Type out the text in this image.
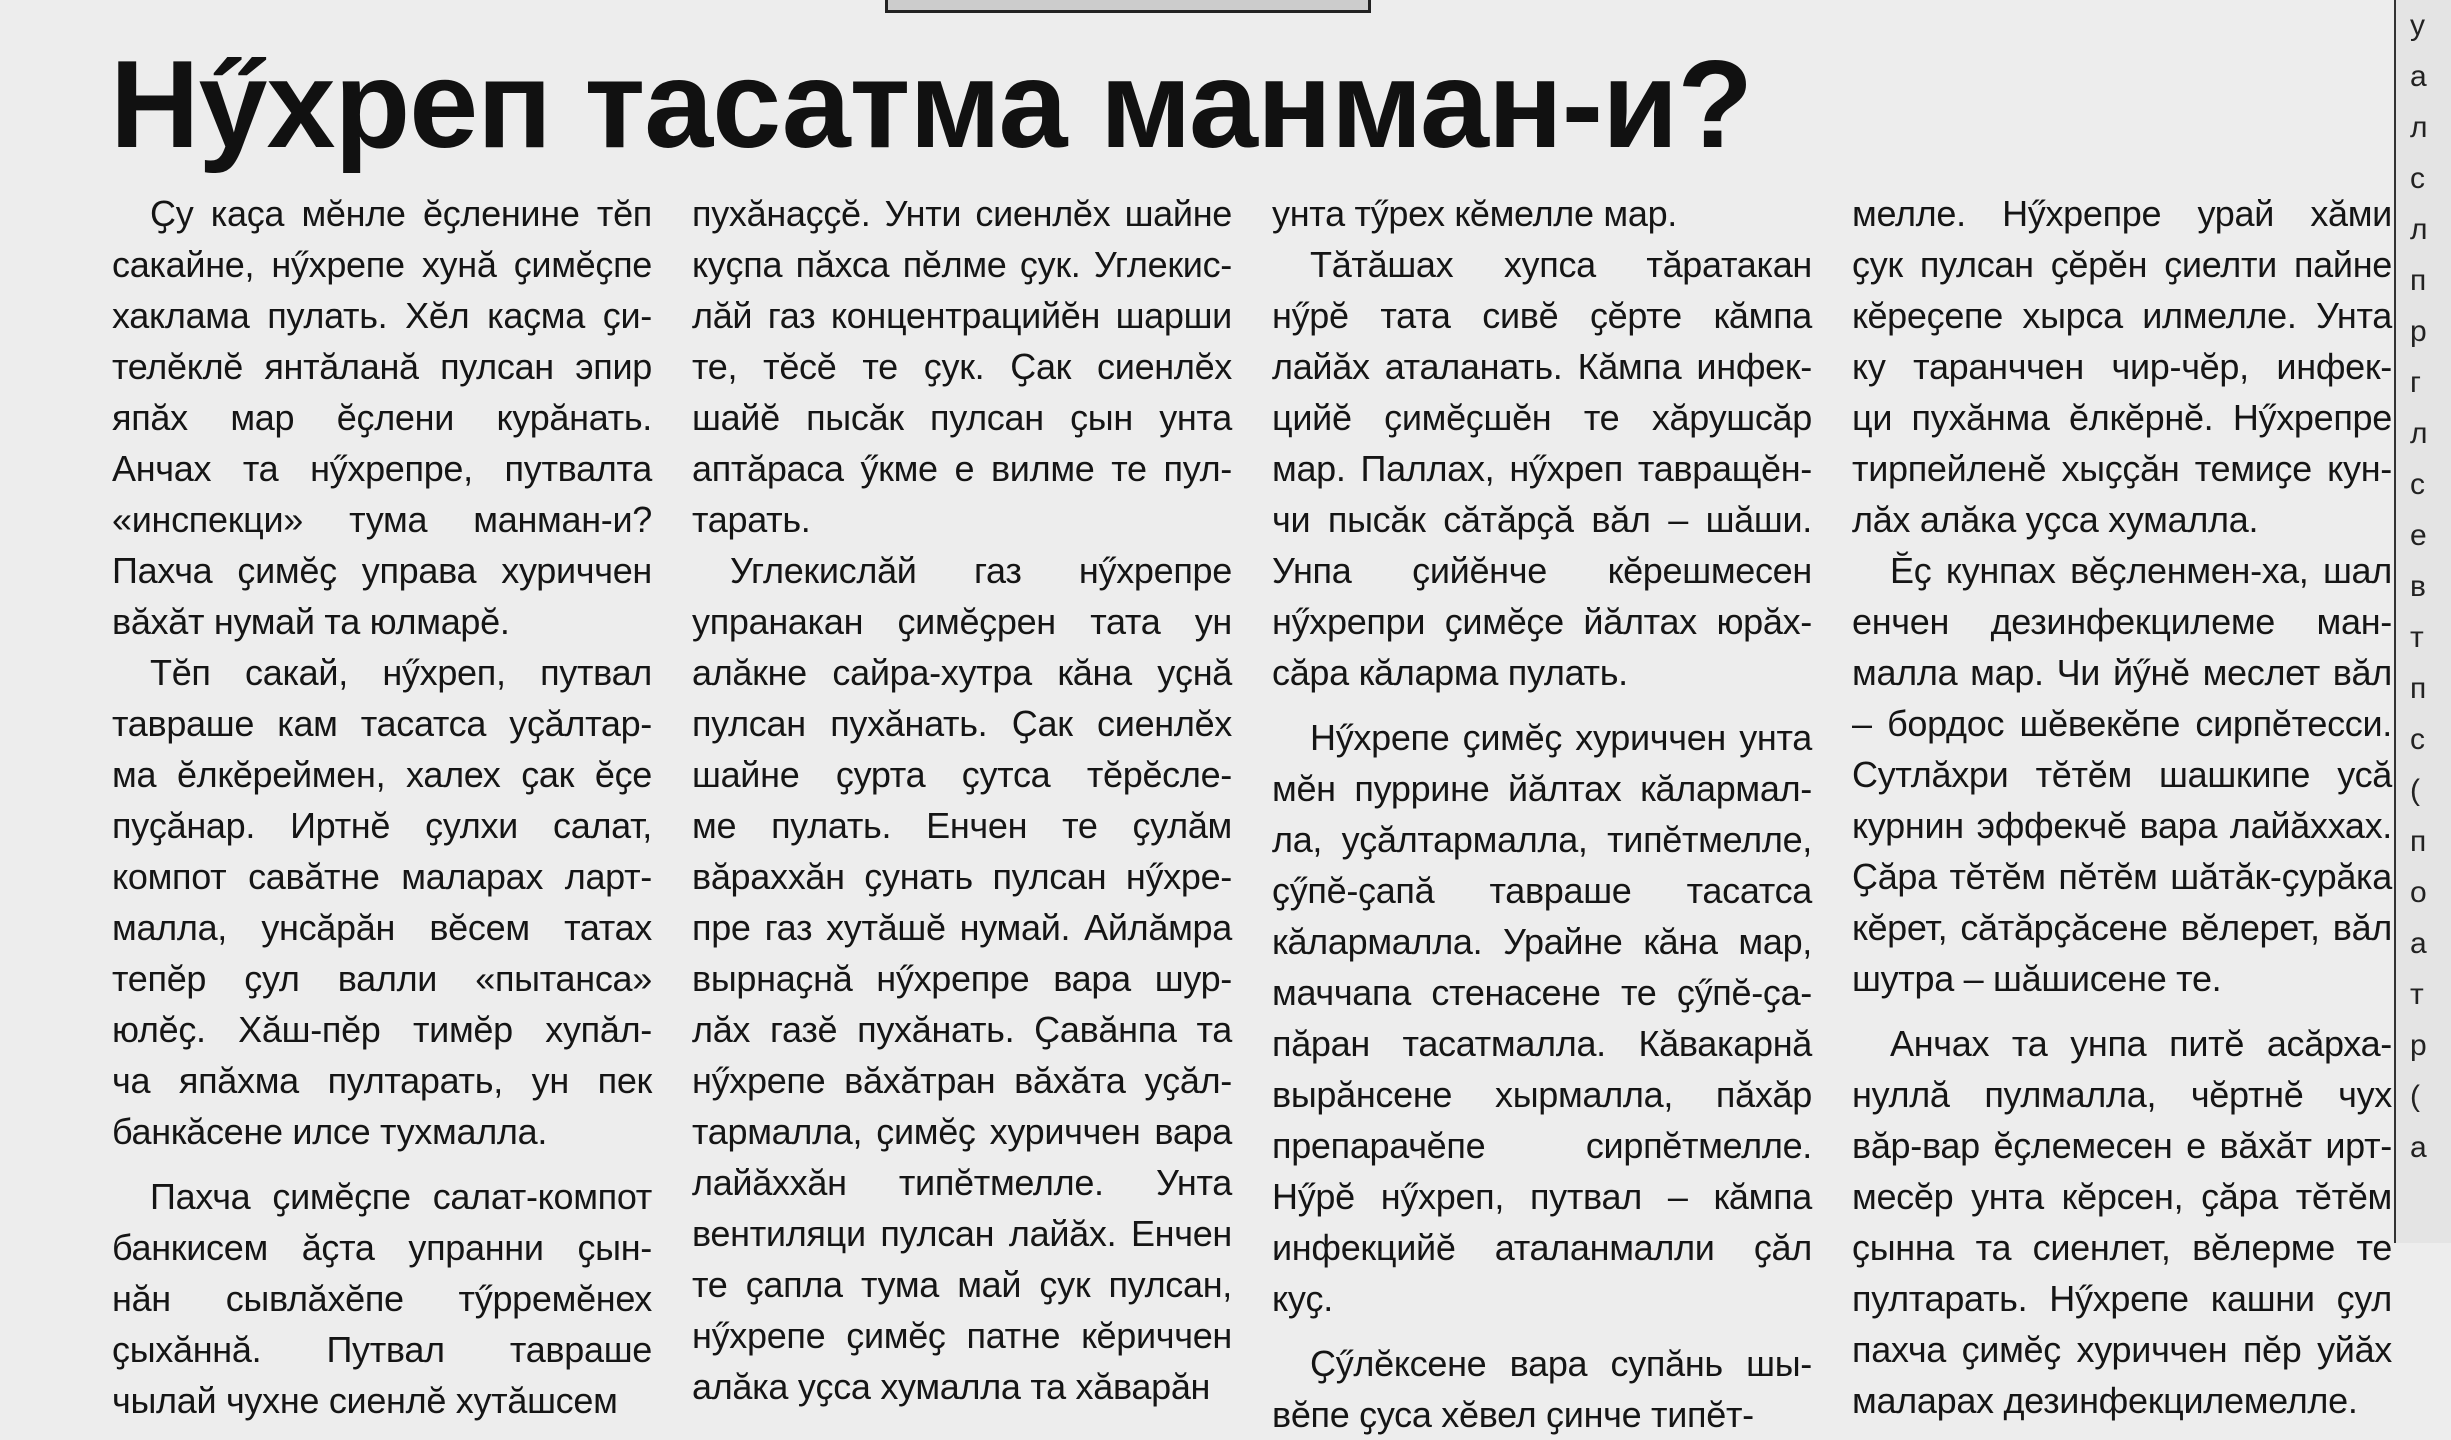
Нӳхреп тасатма манман-и?

Ҫу каҫа мĕнле ĕҫленине тĕп

сакайне, нӳхрепе хунă ҫимĕҫпе

хаклама пулать. Хĕл каҫма ҫи-

телĕклĕ янтăланă пулсан эпир

япăх мар ĕҫлени курăнать.

Анчах та нӳхрепре, путвалта

«инспекци» тума манман-и?

Пахча ҫимĕҫ управа хуриччен

вăхăт нумай та юлмарĕ.

Тĕп сакай, нӳхреп, путвал

тавраше кам тасатса уҫăлтар-

ма ĕлкĕреймен, халех ҫак ĕҫе

пуҫăнар. Иртнĕ ҫулхи салат,

компот савăтне маларах ларт-

малла, унсăрăн вĕсем татах

тепĕр ҫул валли «пытанса»

юлĕҫ. Хăш-пĕр тимĕр хупăл-

ча япăхма пултарать, ун пек

банкăсене илсе тухмалла.

Пахча ҫимĕҫпе салат-компот

банкисем ăҫта упранни ҫын-

нăн сывлăхĕпе тӳрремĕнех

ҫыхăннă. Путвал тавраше

чылай чухне сиенлĕ хутăшсем

пухăнаҫҫĕ. Унти сиенлĕх шайне

куҫпа пăхса пĕлме ҫук. Углекис-

лăй газ концентрацийĕн шарши

те, тĕсĕ те ҫук. Ҫак сиенлĕх

шайĕ пысăк пулсан ҫын унта

аптăраса ӳкме е вилме те пул-

тарать.

Углекислăй газ нӳхрепре

упранакан ҫимĕҫрен тата ун

алăкне сайра-хутра кăна уҫнă

пулсан пухăнать. Ҫак сиенлĕх

шайне ҫурта ҫутса тĕрĕсле-

ме пулать. Енчен те ҫулăм

вăраххăн ҫунать пулсан нӳхре-

пре газ хутăшĕ нумай. Айлăмра

вырнаҫнă нӳхрепре вара шур-

лăх газĕ пухăнать. Ҫавăнпа та

нӳхрепе вăхăтран вăхăта уҫăл-

тармалла, ҫимĕҫ хуриччен вара

лайăххăн типĕтмелле. Унта

вентиляци пулсан лайăх. Енчен

те ҫапла тума май ҫук пулсан,

нӳхрепе ҫимĕҫ патне кĕриччен

алăка уҫса хумалла та хăварăн

унта тӳрех кĕмелле мар.

Тăтăшах хупса тăратакан

нӳрĕ тата сивĕ ҫĕрте кăмпа

лайăх аталанать. Кăмпа инфек-

цийĕ ҫимĕҫшĕн те хăрушсăр

мар. Паллах, нӳхреп тавращĕн-

чи пысăк сăтăрҫă вăл – шăши.

Унпа ҫийĕнче кĕрешмесен

нӳхрепри ҫимĕҫе йăлтах юрăх-

сăра кăлармa пулать.

Нӳхрепе ҫимĕҫ хуриччен унта

мĕн пуррине йăлтах кăлармал-

ла, уҫăлтармалла, типĕтмелле,

ҫӳпĕ-ҫапă тавраше тасатса

кăлармалла. Урайне кăна мар,

маччапа стенасене те ҫӳпĕ-ҫа-

пăран тасатмалла. Кăвакарнă

вырăнсене хырмалла, пăхăр

препарачĕпе сирпĕтмелле.

Нӳрĕ нӳхреп, путвал – кăмпа

инфекцийĕ аталанмалли ҫăл

куҫ.

Ҫӳлĕксене вара супăнь шы-

вĕпе ҫуса хĕвел ҫинче типĕт-

мелле. Нӳхрепре урай хăми

ҫук пулсан ҫĕрĕн ҫиелти пайне

кĕреҫепе хырса илмелле. Унта

ку таранччен чир-чĕр, инфек-

ци пухăнма ĕлкĕрнĕ. Нӳхрепре

тирпейленĕ хыҫҫăн темиҫе кун-

лăх алăка уҫса хумалла.

Ĕҫ кунпах вĕҫленмен-ха, шал

енчен дезинфекцилеме ман-

малла мар. Чи йӳнĕ меслет вăл

– бордос шĕвекĕпе сирпĕтесси.

Сутлăхри тĕтĕм шашкипе усă

курнин эффекчĕ вара лайăххах.

Ҫăра тĕтĕм пĕтĕм шăтăк-ҫурăка

кĕрет, сăтăрҫăсене вĕлерет, вăл

шутра – шăшисене те.

Анчах та унпа питĕ асăрха-

нуллă пулмалла, чĕртнĕ чух

вăр-вар ĕҫлемесен е вăхăт ирт-

месĕр унта кĕрсен, ҫăра тĕтĕм

ҫынна та сиенлет, вĕлерме те

пултарать. Нӳхрепе кашни ҫул

пахча ҫимĕҫ хуриччен пĕр уйăх

маларах дезинфекцилемелле.

у
а
л
с
л
п
р
г
л
с
е
в
т
п
с
(
п
о
а
т
р
(
а
